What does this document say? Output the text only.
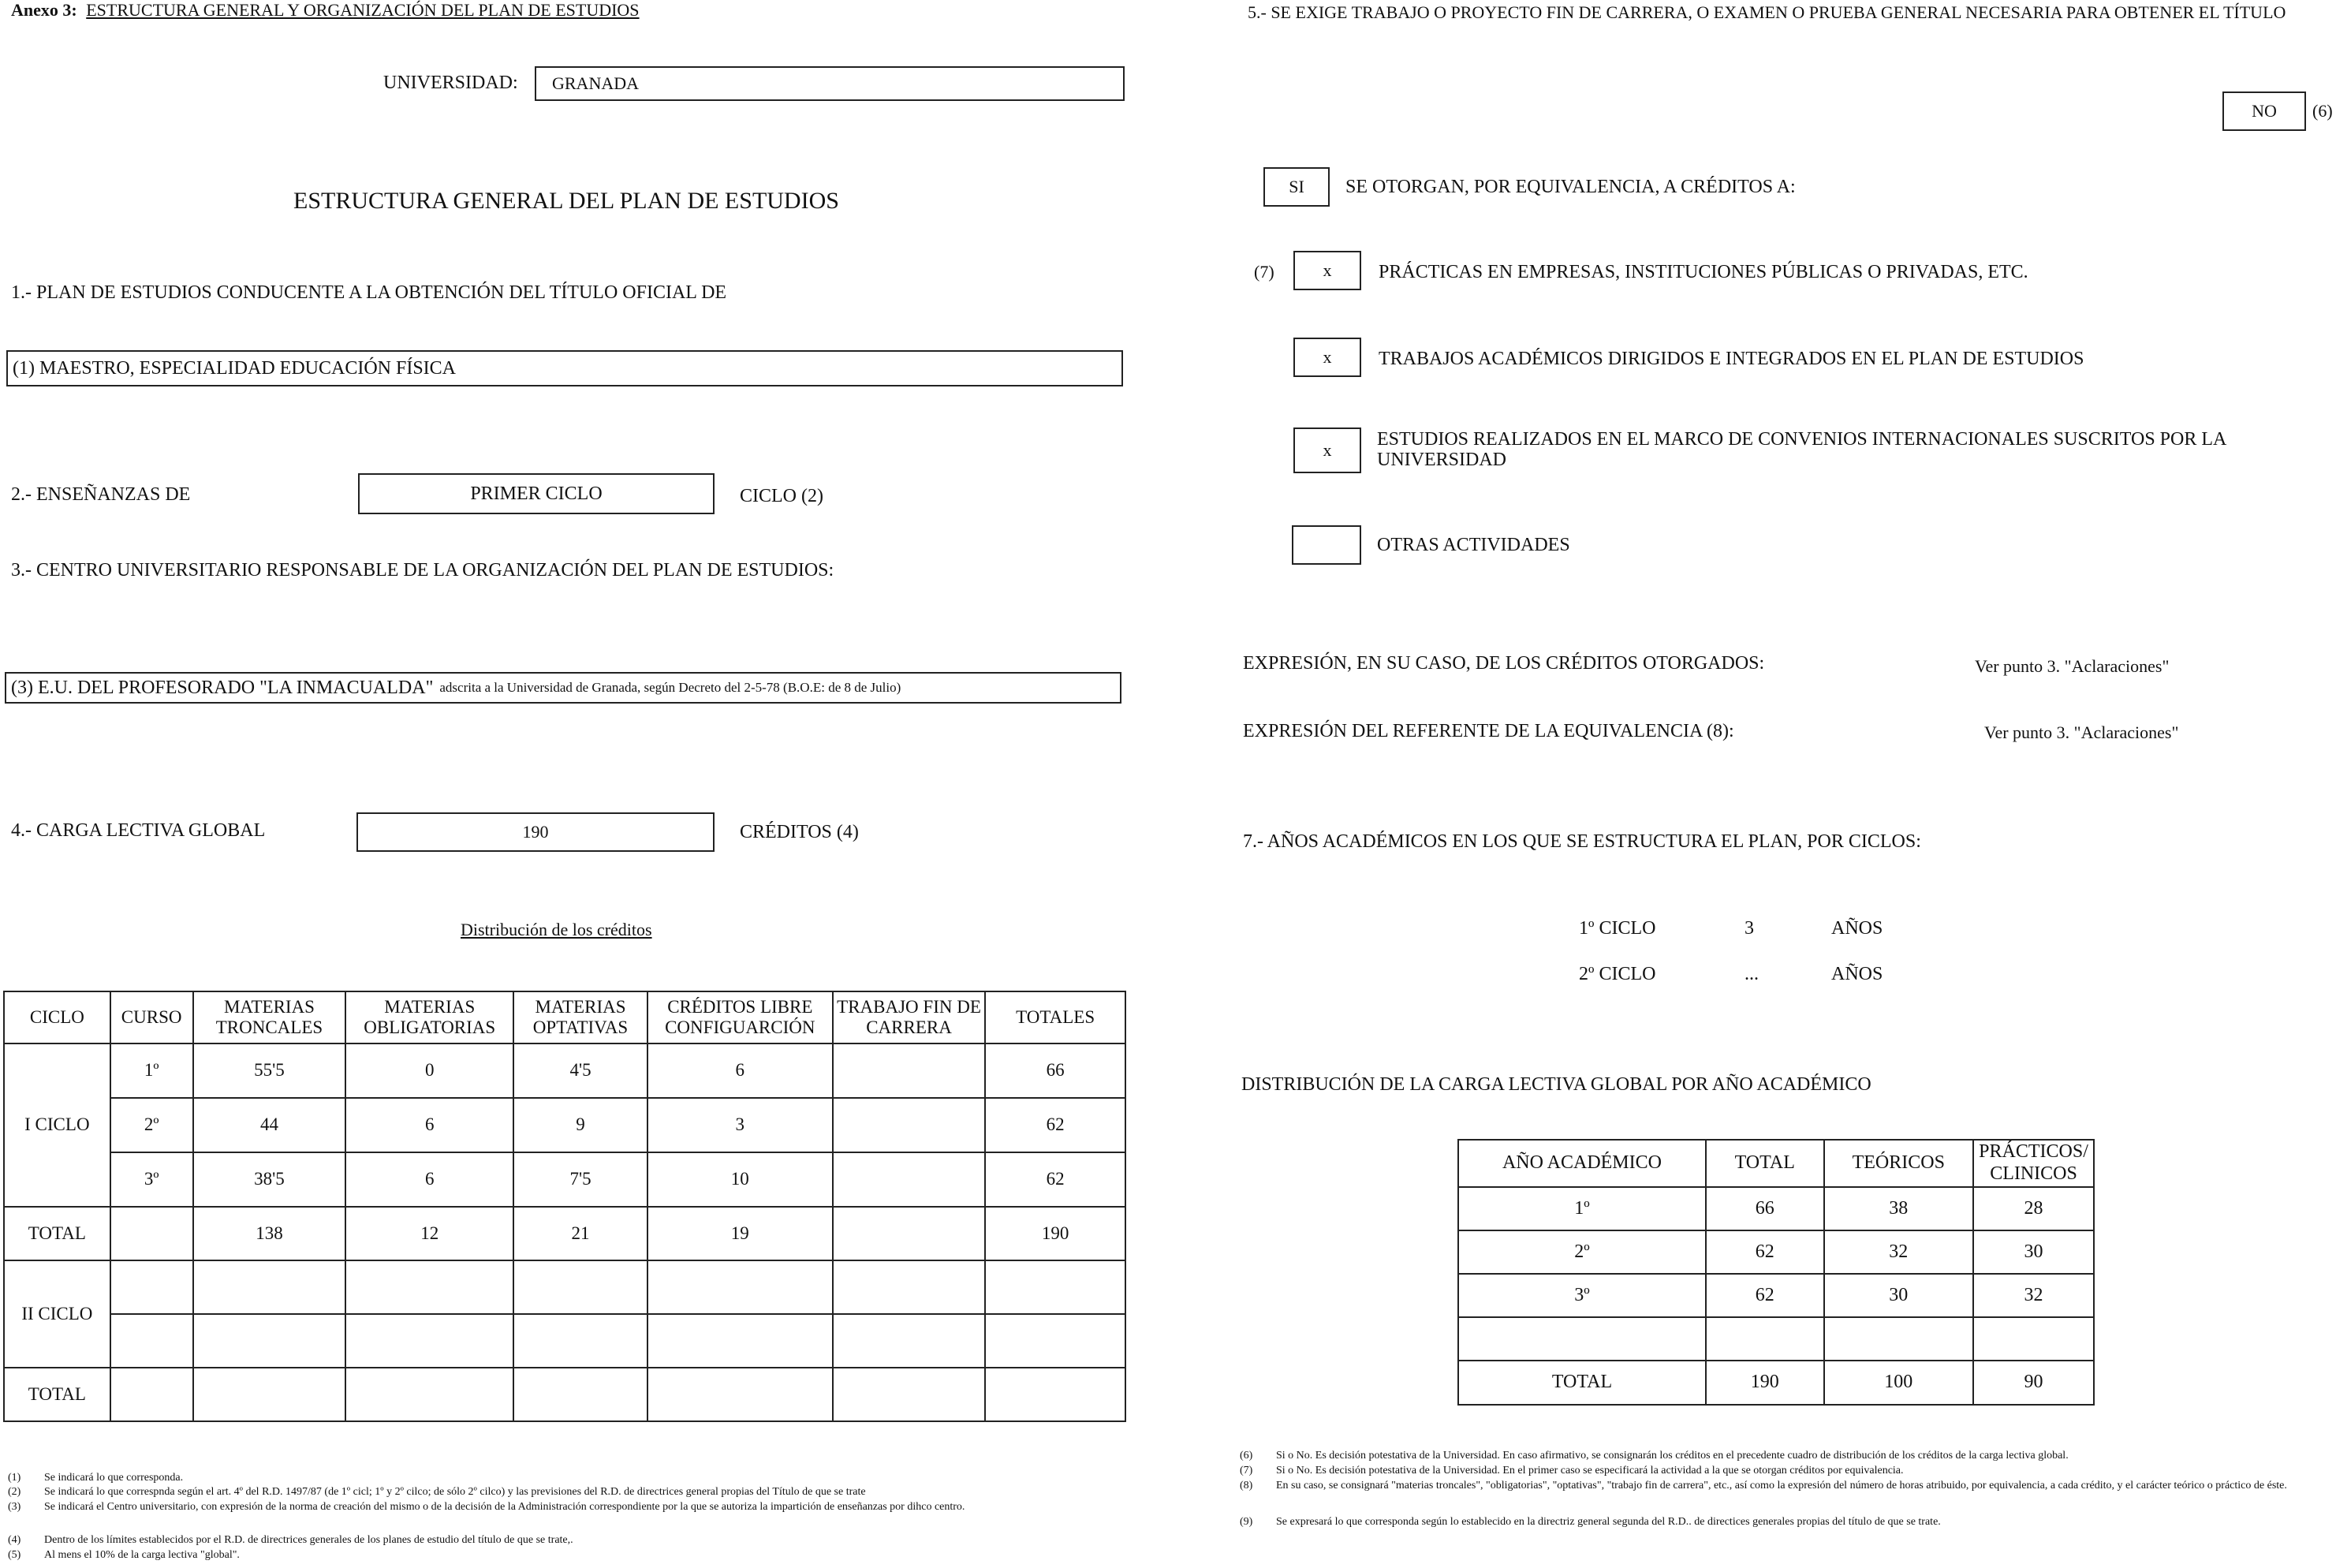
Anexo 3: ESTRUCTURA GENERAL Y ORGANIZACIÓN DEL PLAN DE ESTUDIOS
UNIVERSIDAD: GRANADA
ESTRUCTURA GENERAL DEL PLAN DE ESTUDIOS
1.- PLAN DE ESTUDIOS CONDUCENTE A LA OBTENCIÓN DEL TÍTULO OFICIAL DE
(1) MAESTRO, ESPECIALIDAD EDUCACIÓN FÍSICA
2.- ENSEÑANZAS DE	PRIMER CICLO	CICLO (2)
3.- CENTRO UNIVERSITARIO RESPONSABLE DE LA ORGANIZACIÓN DEL PLAN DE ESTUDIOS:
(3) E.U. DEL PROFESORADO "LA INMACUALDA" adscrita a la Universidad de Granada, según Decreto del 2-5-78 (B.O.E: de 8 de Julio)
4.- CARGA LECTIVA GLOBAL	190	CRÉDITOS (4)
Distribución de los créditos
CICLO	CURSO	MATERIAS TRONCALES	MATERIAS OBLIGATORIAS	MATERIAS OPTATIVAS	CRÉDITOS LIBRE CONFIGUARCIÓN	TRABAJO FIN DE CARRERA	TOTALES
I CICLO	1º	55'5	0	4'5	6		66
	2º	44	6	9	3		62
	3º	38'5	6	7'5	10		62
TOTAL		138	12	21	19		190
II CICLO							

TOTAL							
(1)	Se indicará lo que corresponda.
(2)	Se indicará lo que correspnda según el art. 4º del R.D. 1497/87 (de 1º cicl; 1º y 2º cilco; de sólo 2º cilco) y las previsiones del R.D. de directrices general propias del Título de que se trate
(3)	Se indicará el Centro universitario, con expresión de la norma de creación del mismo o de la decisión de la Administración correspondiente por la que se autoriza la impartición de enseñanzas por dihco centro.
(4)	Dentro de los límites establecidos por el R.D. de directrices generales de los planes de estudio del título de que se trate,.
(5)	Al mens el 10% de la carga lectiva "global".
5.- SE EXIGE TRABAJO O PROYECTO FIN DE CARRERA, O EXAMEN O PRUEBA GENERAL NECESARIA PARA OBTENER EL TÍTULO
NO (6)
SI SE OTORGAN, POR EQUIVALENCIA, A CRÉDITOS A:
(7)	x PRÁCTICAS EN EMPRESAS, INSTITUCIONES PÚBLICAS O PRIVADAS, ETC.
x TRABAJOS ACADÉMICOS DIRIGIDOS E INTEGRADOS EN EL PLAN DE ESTUDIOS
x
ESTUDIOS REALIZADOS EN EL MARCO DE CONVENIOS INTERNACIONALES SUSCRITOS POR LA UNIVERSIDAD
OTRAS ACTIVIDADES
EXPRESIÓN, EN SU CASO, DE LOS CRÉDITOS OTORGADOS:	Ver punto 3. "Aclaraciones"
EXPRESIÓN DEL REFERENTE DE LA EQUIVALENCIA (8):	Ver punto 3. "Aclaraciones"
7.- AÑOS ACADÉMICOS EN LOS QUE SE ESTRUCTURA EL PLAN, POR CICLOS:
1º CICLO	3	AÑOS
2º CICLO	...	AÑOS
DISTRIBUCIÓN DE LA CARGA LECTIVA GLOBAL POR AÑO ACADÉMICO
AÑO ACADÉMICO	TOTAL	TEÓRICOS	PRÁCTICOS/ CLINICOS
1º	66	38	28
2º	62	32	30
3º	62	30	32

TOTAL	190	100	90
(6)	Si o No. Es decisión potestativa de la Universidad. En caso afirmativo, se consignarán los créditos en el precedente cuadro de distribución de los créditos de la carga lectiva global.
(7)	Si o No. Es decisión potestativa de la Universidad. En el primer caso se especificará la actividad a la que se otorgan créditos por equivalencia.
(8)	En su caso, se consignará "materias troncales", "obligatorias", "optativas", "trabajo fin de carrera", etc., así como la expresión del número de horas atribuido, por equivalencia, a cada crédito, y el carácter teórico o práctico de éste.
(9)	Se expresará lo que corresponda según lo establecido en la directriz general segunda del R.D.. de directices generales propias del título de que se trate.
